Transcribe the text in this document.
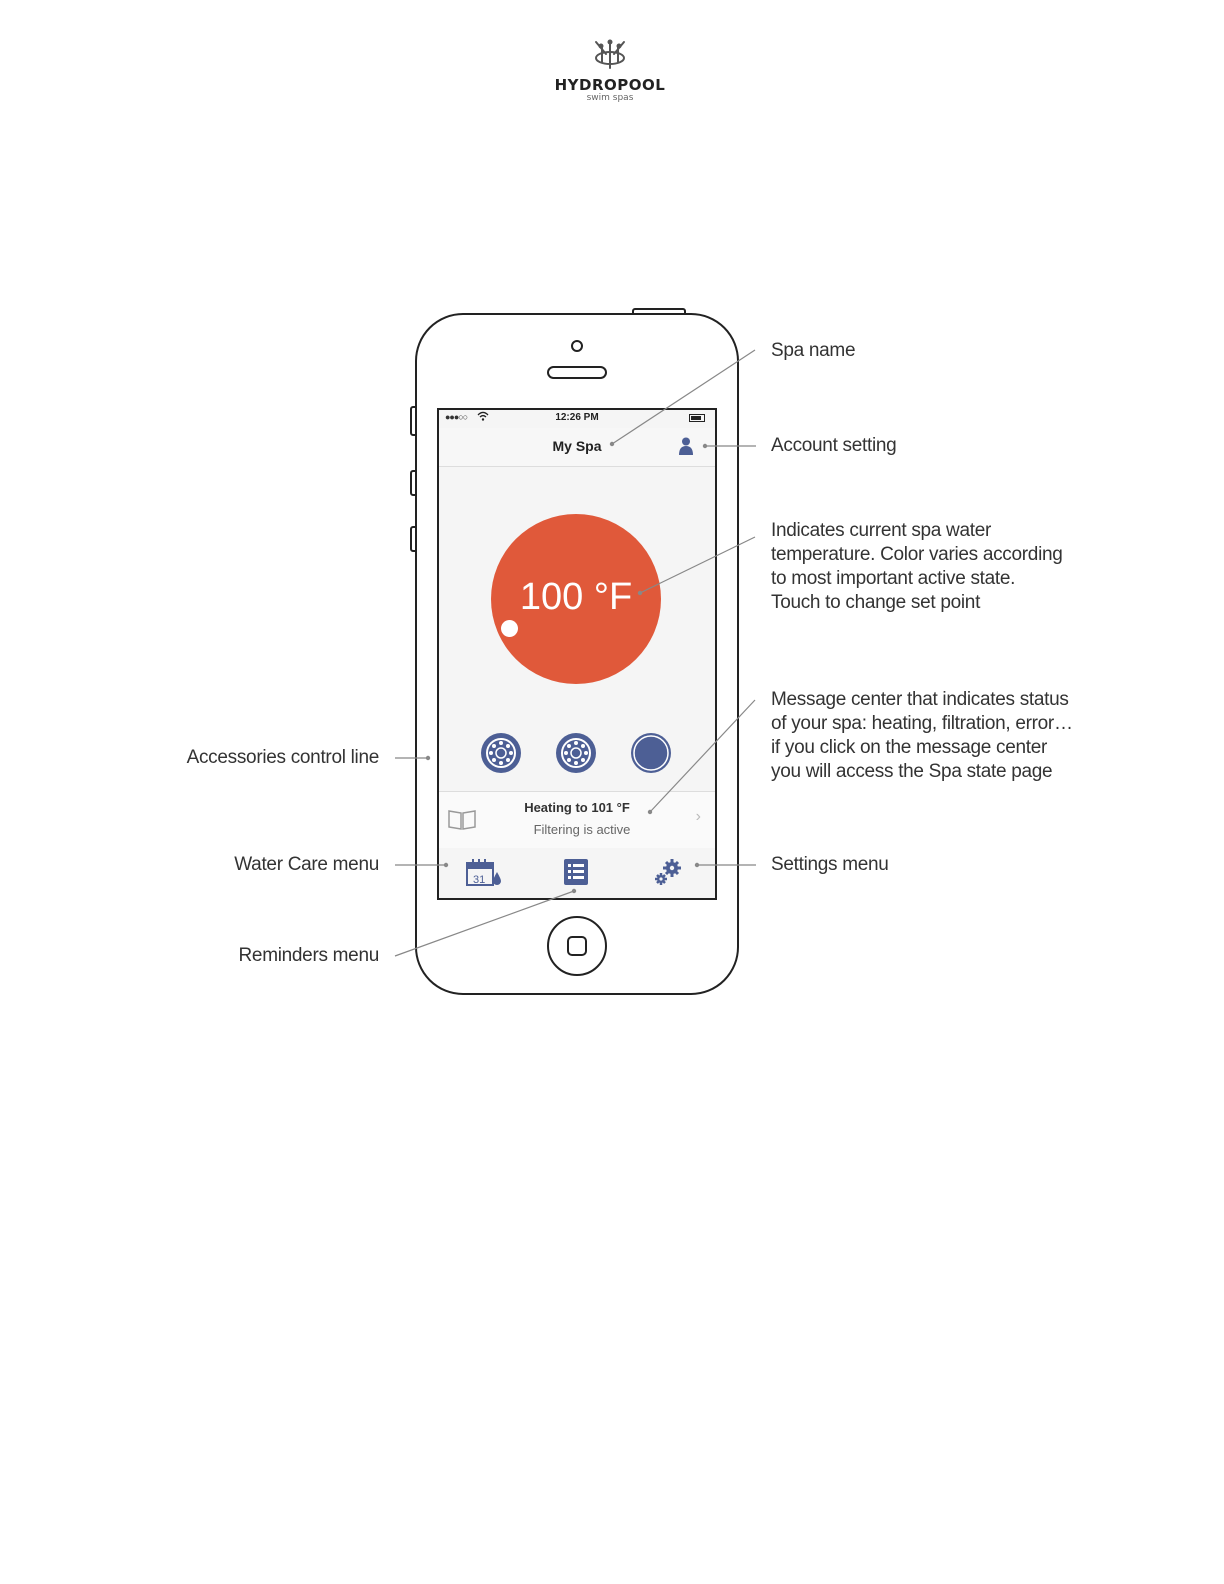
HYDROPOOL
swim spas
●●●○○	12:26 PM
My Spa
100 °F
Heating to 101 °F
Filtering is active
›
31
Spa name
Account setting
Indicates current spa water
temperature. Color varies according
to most important active state.
Touch to change set point
Message center that indicates status
of your spa: heating, filtration, error…
if you click on the message center
you will access the Spa state page
Accessories control line
Water Care menu	Settings menu
Reminders menu
